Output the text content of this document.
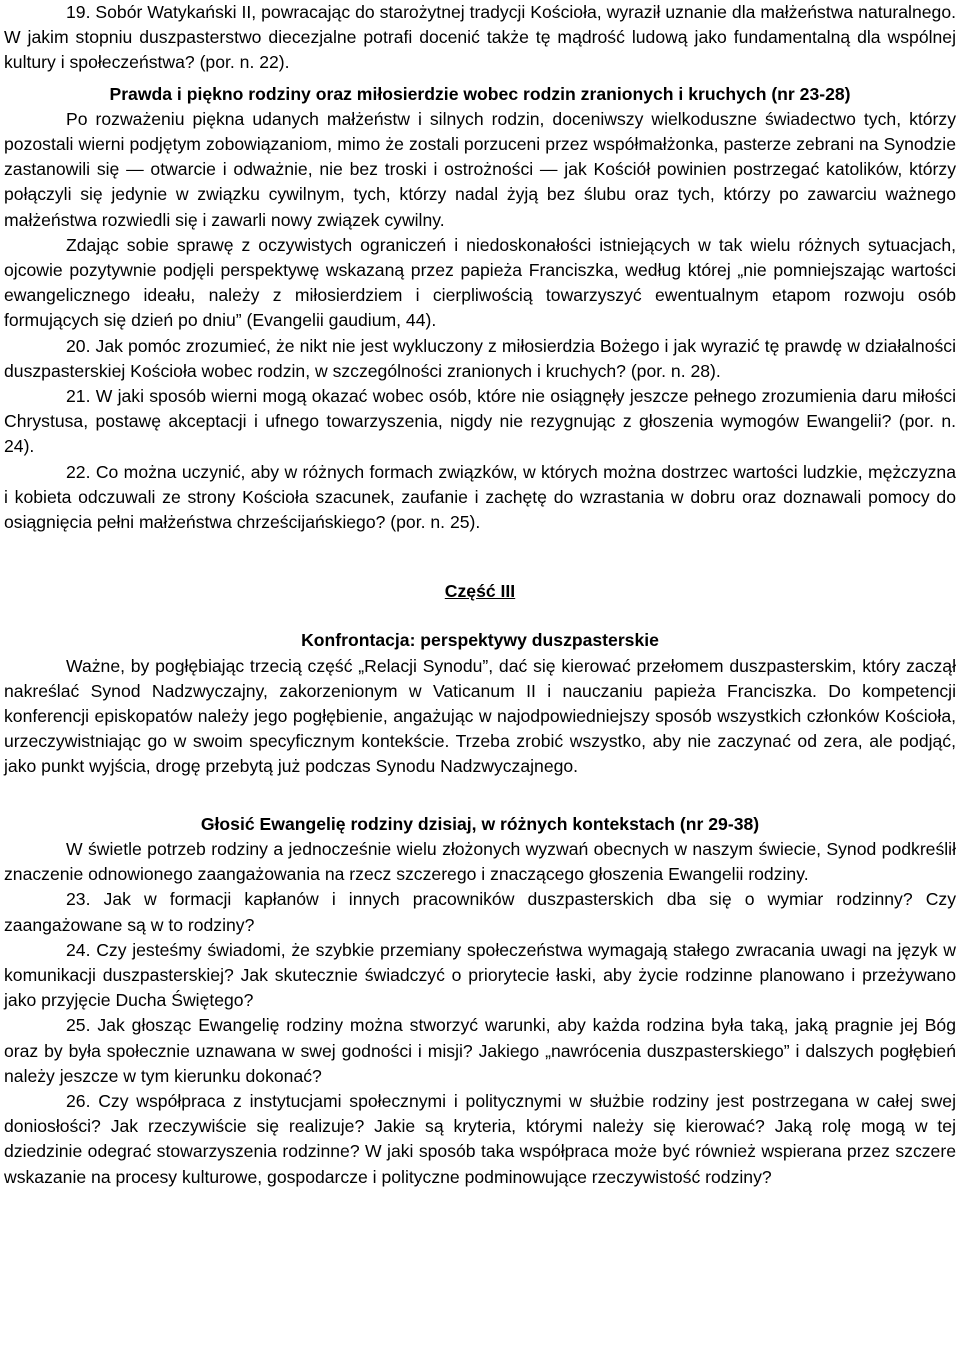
19. Sobór Watykański II, powracając do starożytnej tradycji Kościoła, wyraził uznanie dla małżeństwa naturalnego. W jakim stopniu duszpasterstwo diecezjalne potrafi docenić także tę mądrość ludową jako fundamentalną dla wspólnej kultury i społeczeństwa? (por. n. 22).

Prawda i piękno rodziny oraz miłosierdzie wobec rodzin zranionych i kruchych (nr 23-28)

Po rozważeniu piękna udanych małżeństw i silnych rodzin, doceniwszy wielkoduszne świadectwo tych, którzy pozostali wierni podjętym zobowiązaniom, mimo że zostali porzuceni przez współmałżonka, pasterze zebrani na Synodzie zastanowili się — otwarcie i odważnie, nie bez troski i ostrożności — jak Kościół powinien postrzegać katolików, którzy połączyli się jedynie w związku cywilnym, tych, którzy nadal żyją bez ślubu oraz tych, którzy po zawarciu ważnego małżeństwa rozwiedli się i zawarli nowy związek cywilny.

Zdając sobie sprawę z oczywistych ograniczeń i niedoskonałości istniejących w tak wielu różnych sytuacjach, ojcowie pozytywnie podjęli perspektywę wskazaną przez papieża Franciszka, według której „nie pomniejszając wartości ewangelicznego ideału, należy z miłosierdziem i cierpliwością towarzyszyć ewentualnym etapom rozwoju osób formujących się dzień po dniu” (Evangelii gaudium, 44).

20. Jak pomóc zrozumieć, że nikt nie jest wykluczony z miłosierdzia Bożego i jak wyrazić tę prawdę w działalności duszpasterskiej Kościoła wobec rodzin, w szczególności zranionych i kruchych? (por. n. 28).

21. W jaki sposób wierni mogą okazać wobec osób, które nie osiągnęły jeszcze pełnego zrozumienia daru miłości Chrystusa, postawę akceptacji i ufnego towarzyszenia, nigdy nie rezygnując z głoszenia wymogów Ewangelii? (por. n. 24).

22. Co można uczynić, aby w różnych formach związków, w których można dostrzec wartości ludzkie, mężczyzna i kobieta odczuwali ze strony Kościoła szacunek, zaufanie i zachętę do wzrastania w dobru oraz doznawali pomocy do osiągnięcia pełni małżeństwa chrześcijańskiego? (por. n. 25).

Część III
Konfrontacja: perspektywy duszpasterskie

Ważne, by pogłębiając trzecią część „Relacji Synodu”, dać się kierować przełomem duszpasterskim, który zaczął nakreślać Synod Nadzwyczajny, zakorzenionym w Vaticanum II i nauczaniu papieża Franciszka. Do kompetencji konferencji episkopatów należy jego pogłębienie, angażując w najodpowiedniejszy sposób wszystkich członków Kościoła, urzeczywistniając go w swoim specyficznym kontekście. Trzeba zrobić wszystko, aby nie zaczynać od zera, ale podjąć, jako punkt wyjścia, drogę przebytą już podczas Synodu Nadzwyczajnego.

Głosić Ewangelię rodziny dzisiaj, w różnych kontekstach (nr 29-38)

W świetle potrzeb rodziny a jednocześnie wielu złożonych wyzwań obecnych w naszym świecie, Synod podkreślił znaczenie odnowionego zaangażowania na rzecz szczerego i znaczącego głoszenia Ewangelii rodziny.

23. Jak w formacji kapłanów i innych pracowników duszpasterskich dba się o wymiar rodzinny? Czy zaangażowane są w to rodziny?

24. Czy jesteśmy świadomi, że szybkie przemiany społeczeństwa wymagają stałego zwracania uwagi na język w komunikacji duszpasterskiej? Jak skutecznie świadczyć o priorytecie łaski, aby życie rodzinne planowano i przeżywano jako przyjęcie Ducha Świętego?

25. Jak głosząc Ewangelię rodziny można stworzyć warunki, aby każda rodzina była taką, jaką pragnie jej Bóg oraz by była społecznie uznawana w swej godności i misji? Jakiego „nawrócenia duszpasterskiego” i dalszych pogłębień należy jeszcze w tym kierunku dokonać?

26. Czy współpraca z instytucjami społecznymi i politycznymi w służbie rodziny jest postrzegana w całej swej doniosłości? Jak rzeczywiście się realizuje? Jakie są kryteria, którymi należy się kierować? Jaką rolę mogą w tej dziedzinie odegrać stowarzyszenia rodzinne? W jaki sposób taka współpraca może być również wspierana przez szczere wskazanie na procesy kulturowe, gospodarcze i polityczne podminowujące rzeczywistość rodziny?
